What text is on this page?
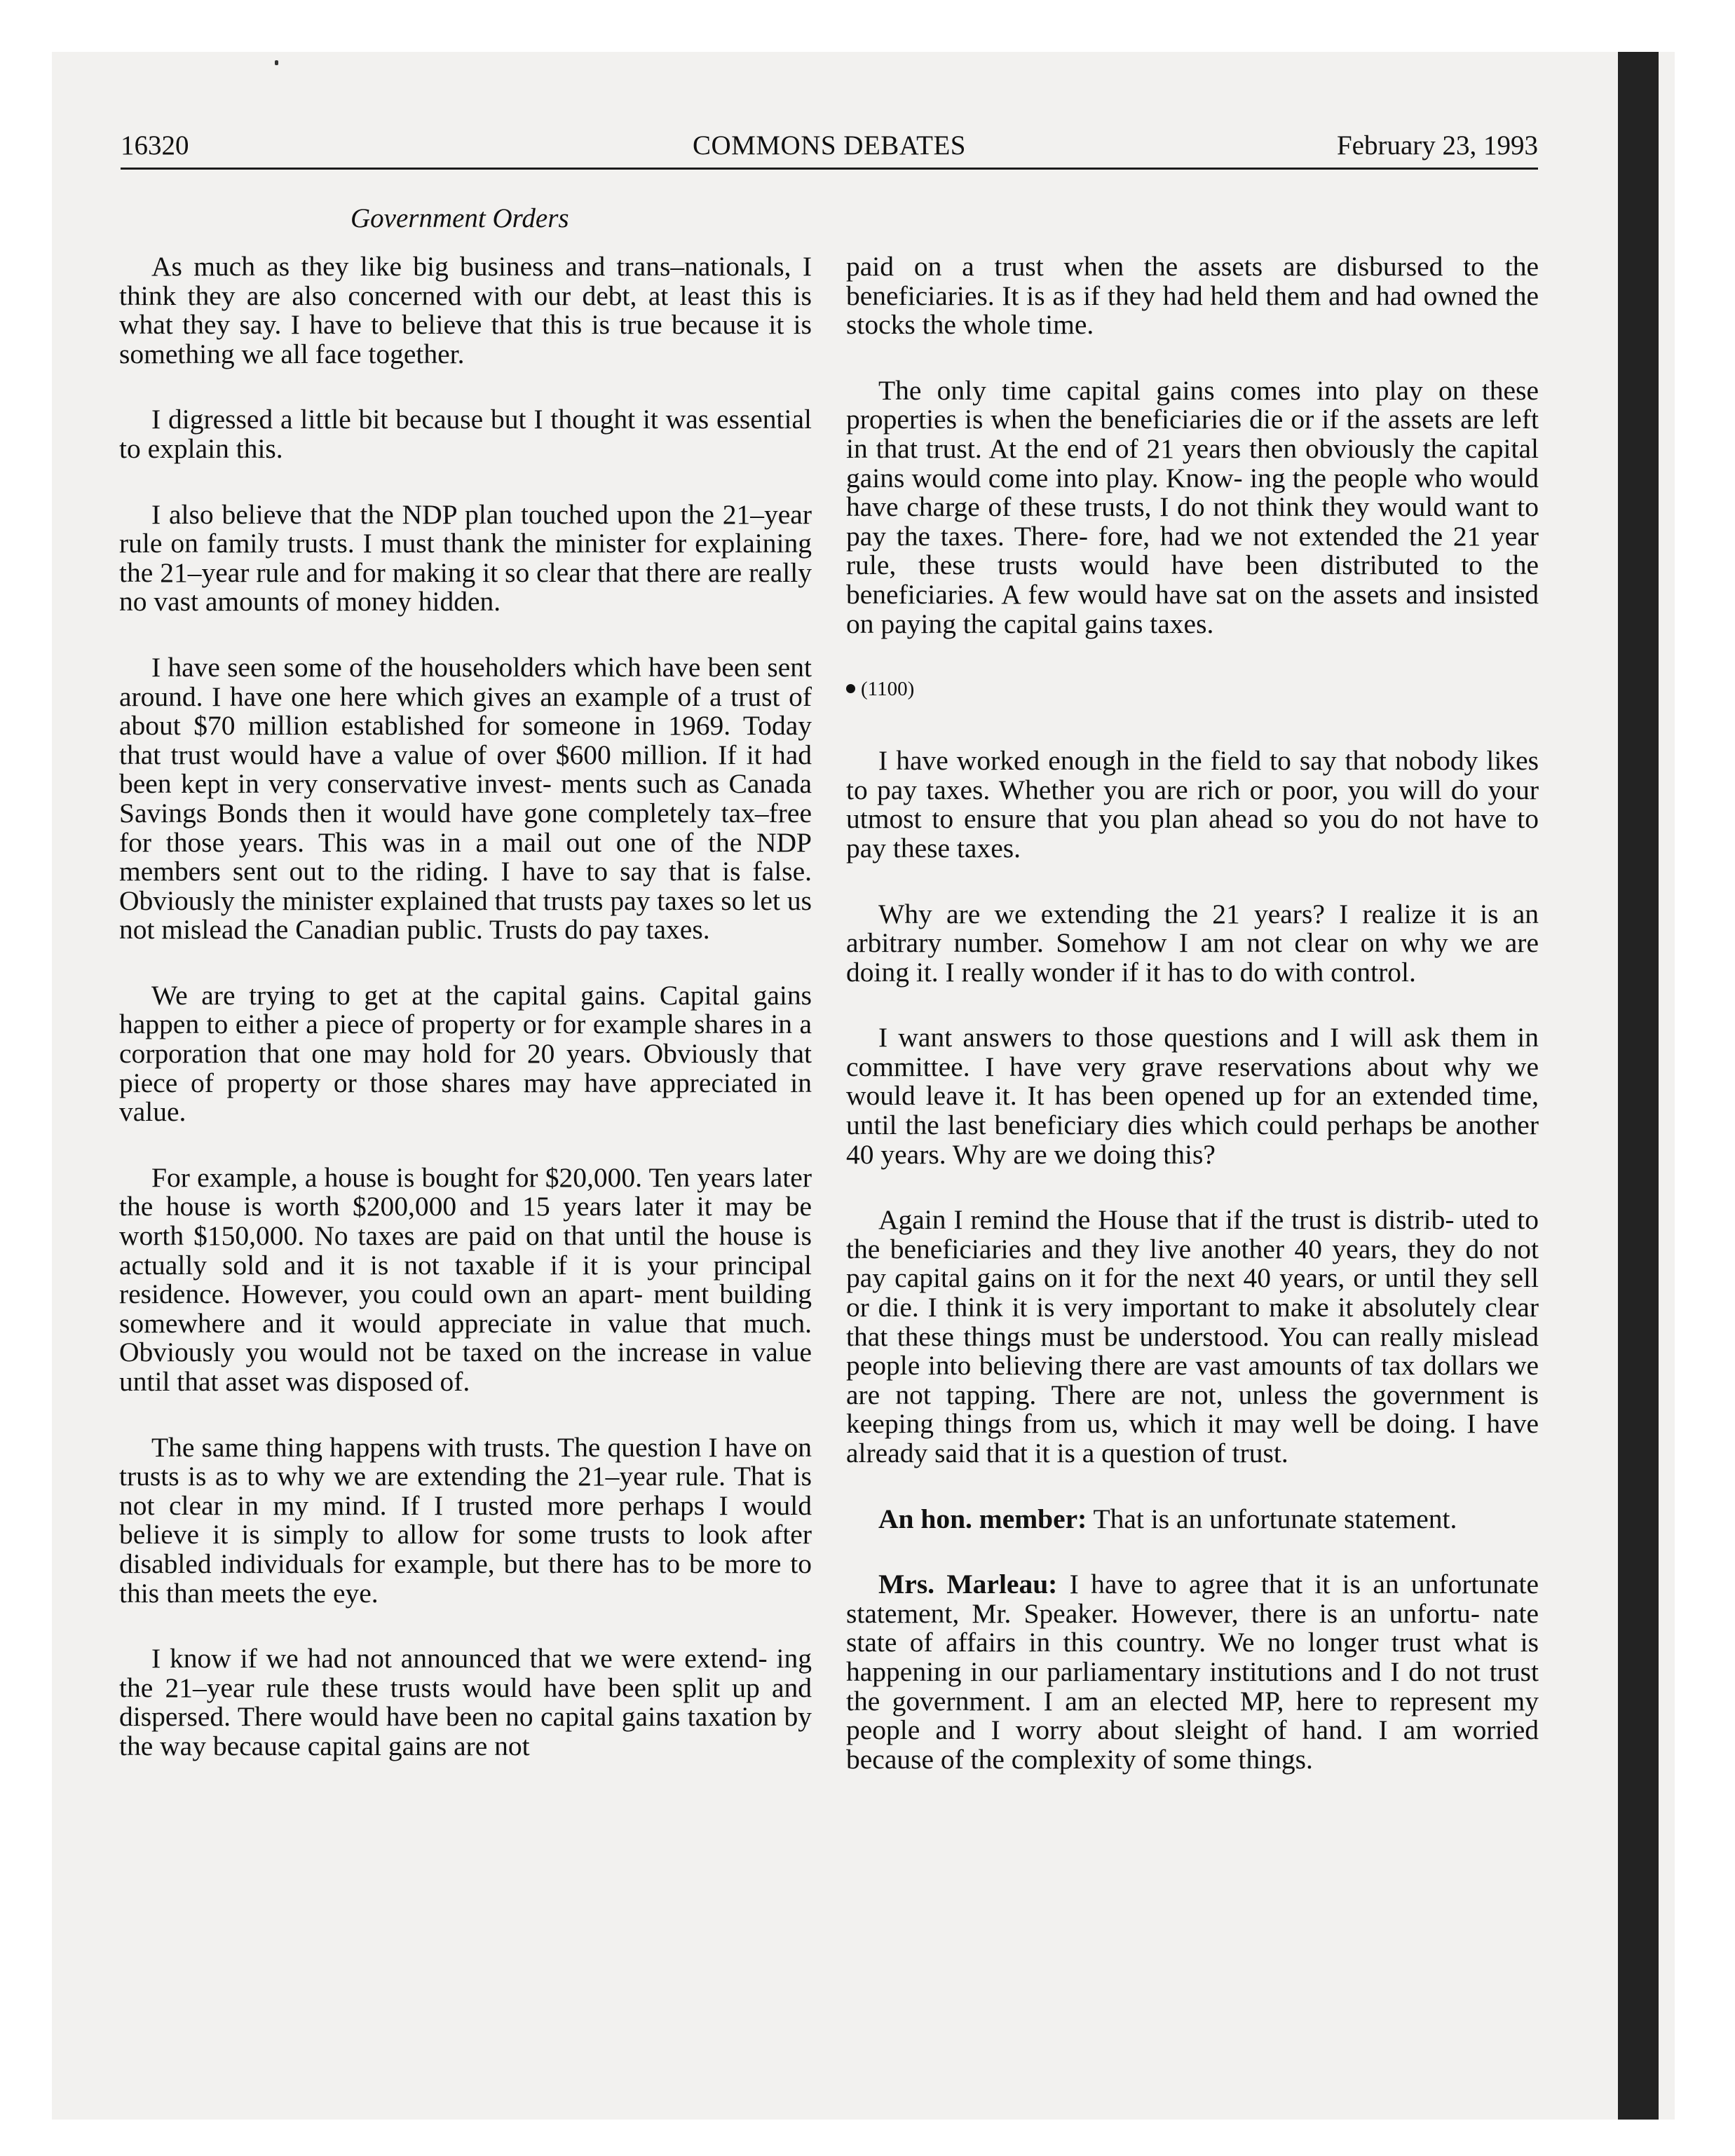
16320	COMMONS DEBATES	February 23, 1993
Government Orders

As much as they like big business and trans–nationals, I think they are also concerned with our debt, at least this is what they say. I have to believe that this is true because it is something we all face together.

I digressed a little bit because but I thought it was essential to explain this.

I also believe that the NDP plan touched upon the 21–year rule on family trusts. I must thank the minister for explaining the 21–year rule and for making it so clear that there are really no vast amounts of money hidden.

I have seen some of the householders which have been sent around. I have one here which gives an example of a trust of about $70 million established for someone in 1969. Today that trust would have a value of over $600 million. If it had been kept in very conservative invest- ments such as Canada Savings Bonds then it would have gone completely tax–free for those years. This was in a mail out one of the NDP members sent out to the riding. I have to say that is false. Obviously the minister explained that trusts pay taxes so let us not mislead the Canadian public. Trusts do pay taxes.

We are trying to get at the capital gains. Capital gains happen to either a piece of property or for example shares in a corporation that one may hold for 20 years. Obviously that piece of property or those shares may have appreciated in value.

For example, a house is bought for $20,000. Ten years later the house is worth $200,000 and 15 years later it may be worth $150,000. No taxes are paid on that until the house is actually sold and it is not taxable if it is your principal residence. However, you could own an apart- ment building somewhere and it would appreciate in value that much. Obviously you would not be taxed on the increase in value until that asset was disposed of.

The same thing happens with trusts. The question I have on trusts is as to why we are extending the 21–year rule. That is not clear in my mind. If I trusted more perhaps I would believe it is simply to allow for some trusts to look after disabled individuals for example, but there has to be more to this than meets the eye.

I know if we had not announced that we were extend- ing the 21–year rule these trusts would have been split up and dispersed. There would have been no capital gains taxation by the way because capital gains are not

paid on a trust when the assets are disbursed to the beneficiaries. It is as if they had held them and had owned the stocks the whole time.

The only time capital gains comes into play on these properties is when the beneficiaries die or if the assets are left in that trust. At the end of 21 years then obviously the capital gains would come into play. Know- ing the people who would have charge of these trusts, I do not think they would want to pay the taxes. There- fore, had we not extended the 21 year rule, these trusts would have been distributed to the beneficiaries. A few would have sat on the assets and insisted on paying the capital gains taxes.

(1100)

I have worked enough in the field to say that nobody likes to pay taxes. Whether you are rich or poor, you will do your utmost to ensure that you plan ahead so you do not have to pay these taxes.

Why are we extending the 21 years? I realize it is an arbitrary number. Somehow I am not clear on why we are doing it. I really wonder if it has to do with control.

I want answers to those questions and I will ask them in committee. I have very grave reservations about why we would leave it. It has been opened up for an extended time, until the last beneficiary dies which could perhaps be another 40 years. Why are we doing this?

Again I remind the House that if the trust is distrib- uted to the beneficiaries and they live another 40 years, they do not pay capital gains on it for the next 40 years, or until they sell or die. I think it is very important to make it absolutely clear that these things must be understood. You can really mislead people into believing there are vast amounts of tax dollars we are not tapping. There are not, unless the government is keeping things from us, which it may well be doing. I have already said that it is a question of trust.

An hon. member: That is an unfortunate statement.

Mrs. Marleau: I have to agree that it is an unfortunate statement, Mr. Speaker. However, there is an unfortu- nate state of affairs in this country. We no longer trust what is happening in our parliamentary institutions and I do not trust the government. I am an elected MP, here to represent my people and I worry about sleight of hand. I am worried because of the complexity of some things.
